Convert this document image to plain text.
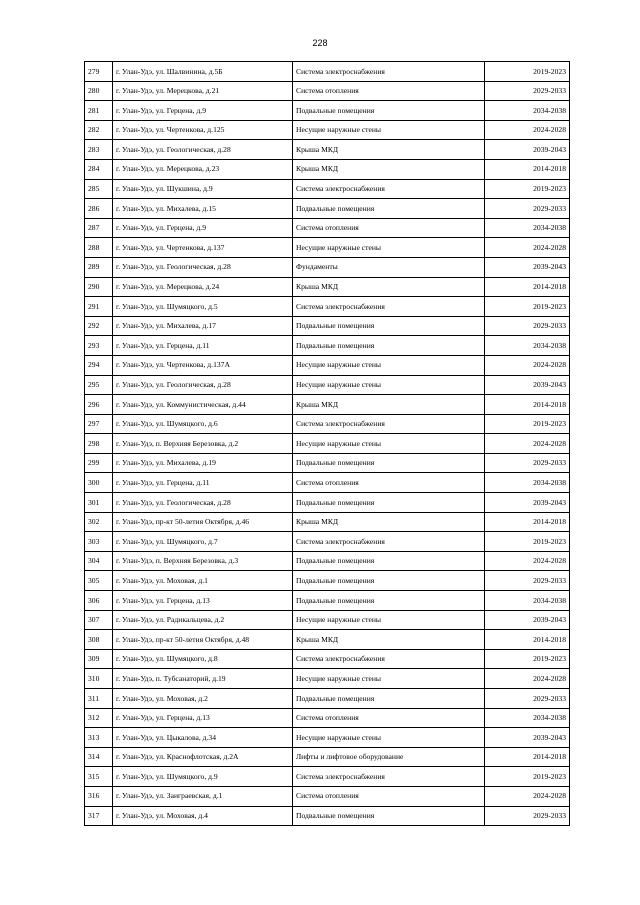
228
279	г. Улан-Удэ, ул. Шалвинина, д.5Б	Система электроснабжения	2019-2023
280	г. Улан-Удэ, ул. Мерецкова, д.21	Система отопления	2029-2033
281	г. Улан-Удэ, ул. Герцена, д.9	Подвальные помещения	2034-2038
282	г. Улан-Удэ, ул. Чертенкова, д.125	Несущие наружные стены	2024-2028
283	г. Улан-Удэ, ул. Геологическая, д.28	Крыша МКД	2039-2043
284	г. Улан-Удэ, ул. Мерецкова, д.23	Крыша МКД	2014-2018
285	г. Улан-Удэ, ул. Шукшина, д.9	Система электроснабжения	2019-2023
286	г. Улан-Удэ, ул. Михалева, д.15	Подвальные помещения	2029-2033
287	г. Улан-Удэ, ул. Герцена, д.9	Система отопления	2034-2038
288	г. Улан-Удэ, ул. Чертенкова, д.137	Несущие наружные стены	2024-2028
289	г. Улан-Удэ, ул. Геологическая, д.28	Фундаменты	2039-2043
290	г. Улан-Удэ, ул. Мерецкова, д.24	Крыша МКД	2014-2018
291	г. Улан-Удэ, ул. Шумяцкого, д.5	Система электроснабжения	2019-2023
292	г. Улан-Удэ, ул. Михалева, д.17	Подвальные помещения	2029-2033
293	г. Улан-Удэ, ул. Герцена, д.11	Подвальные помещения	2034-2038
294	г. Улан-Удэ, ул. Чертенкова, д.137А	Несущие наружные стены	2024-2028
295	г. Улан-Удэ, ул. Геологическая, д.28	Несущие наружные стены	2039-2043
296	г. Улан-Удэ, ул. Коммунистическая, д.44	Крыша МКД	2014-2018
297	г. Улан-Удэ, ул. Шумяцкого, д.6	Система электроснабжения	2019-2023
298	г. Улан-Удэ, п. Верхняя Березовка, д.2	Несущие наружные стены	2024-2028
299	г. Улан-Удэ, ул. Михалева, д.19	Подвальные помещения	2029-2033
300	г. Улан-Удэ, ул. Герцена, д.11	Система отопления	2034-2038
301	г. Улан-Удэ, ул. Геологическая, д.28	Подвальные помещения	2039-2043
302	г. Улан-Удэ, пр-кт 50-летия Октября, д.46	Крыша МКД	2014-2018
303	г. Улан-Удэ, ул. Шумяцкого, д.7	Система электроснабжения	2019-2023
304	г. Улан-Удэ, п. Верхняя Березовка, д.3	Подвальные помещения	2024-2028
305	г. Улан-Удэ, ул. Моховая, д.1	Подвальные помещения	2029-2033
306	г. Улан-Удэ, ул. Герцена, д.13	Подвальные помещения	2034-2038
307	г. Улан-Удэ, ул. Радикальцева, д.2	Несущие наружные стены	2039-2043
308	г. Улан-Удэ, пр-кт 50-летия Октября, д.48	Крыша МКД	2014-2018
309	г. Улан-Удэ, ул. Шумяцкого, д.8	Система электроснабжения	2019-2023
310	г. Улан-Удэ, п. Тубсанаторий, д.19	Несущие наружные стены	2024-2028
311	г. Улан-Удэ, ул. Моховая, д.2	Подвальные помещения	2029-2033
312	г. Улан-Удэ, ул. Герцена, д.13	Система отопления	2034-2038
313	г. Улан-Удэ, ул. Цыкалова, д.34	Несущие наружные стены	2039-2043
314	г. Улан-Удэ, ул. Краснофлотская, д.2А	Лифты и лифтовое оборудование	2014-2018
315	г. Улан-Удэ, ул. Шумяцкого, д.9	Система электроснабжения	2019-2023
316	г. Улан-Удэ, ул. Заиграевская, д.1	Система отопления	2024-2028
317	г. Улан-Удэ, ул. Моховая, д.4	Подвальные помещения	2029-2033
